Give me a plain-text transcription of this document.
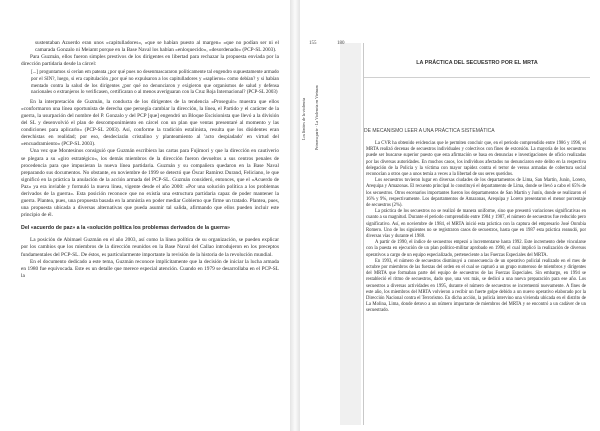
sustentaban Azuerdo eran unos «capitulladores», «que se habían puesto al margen» «que no podían ser ni el camarada Gonzalo ni Meiamt porque en la Base Naval los habían «enloquecido», «desordenado» (PCP-SL 2003).

Para Guzmán, ellos fueron simples prestivos de los dirigentes en libertad para rechazar la propuesta enviada por la dirección partidaria desde la cárcel:

[...] proguntamos si cerían em pateata ¿por qué pues no desenmascararon políticamente tal engendro supuestamente armado por el SIN?, luego, si era capitulación ¿por qué no expulsaron a los capitulladores y «saplieros» como debían? y si habían mentado contra la salud de los dirigentes ¿por qué no denunciaron y exigieron que organismos de salud y defensa nacionales o extranjeros lo verificasen, certificaran o al menos averiguaran con la Cruz Roja Internacional? (PCP-SL 2003)

En la interpretación de Guzmán, la conducta de los dirigentes de la tendencia «Proseguir» muestra que ellos «conformaron una línea oportunista de derecha que persegía cambiar la dirección, la línea, el Partido y el carácter de la guerra, la usurpación del nombre del P. Gonzalo y del PCP [que] engendró un Bloque Escisionista que llevó a la división del SL y desenvolvió el plan de descomponimiento en cárcel con un plan que ventas presentaré al momento y las condiciones para aplicarlo» (PCP-SL 2003). Así, conforme la tradición estalinista, resulta que los disidentes eran derechistas en realidad; por eso, desdeciarán cristalino y planteamiento al 'acto despiadado' en virtud del «encuadramiento» (PCP-SL 2003).

Una vez que Montesinos consiguió que Guzmán escribiera las cartas para Fujimori y que la dirección en cautiverio se plegara a su «giro estratégico», los demás miembros de la dirección fueron devueltos a sus centros penales de procedencia para que impusieran la nueva línea partidaria. Guzmán y su compañera quedaron en la Base Naval preparando sus documentos. No obstante, en noviembre de 1999 se detectó que Óscar Ramírez Durand, Feliciano, le que significó en la práctica la anulación de la acción armada del PCP-SL. Guzmán consideró, entonces, que el «Acuerdo de Paz» ya era inviable y formuló la nueva línea, vigente desde el año 2000: «Por una solución política a los problemas derivados de la guerra». Esta posición reconoce que no existía una estructura partidaria capaz de poder mantener la guerra. Plantea, pues, una propuesta basada en la amnistía en poder mediar Gobierno que firme un tratado. Plantea, pues, una propuesta ubicada a diversas alternativas que pueda asumir tal salida, afirmando que ellos pueden incluir este principio de él.

Del «acuerdo de paz» a la «solución política los problemas derivados de la guerra»

La posición de Abimael Guzmán en el año 2003, así como la línea política de su organización, se pueden explicar por los cambios que los miembros de la dirección reunidos en la Base Naval del Callao introdujeron en los preceptos fundamentales del PCP-SL. De éstos, es particularmente importante la revisión de la historia de la revolución mundial.

En el documento dedicado a este tema, Guzmán reconoce implícitamente que la decisión de iniciar la lucha armada en 1980 fue equivocada. Este es un detalle que merece especial atención. Cuando en 1979 se desarrollaba en el PCP-SL la

155	180
Los límites de la violencia Primera parte · La Violencia en Vietnam
LA PRÁCTICA DEL SECUESTRO POR EL MRTA
DE MECANISMO LEER A UNA PRÁCTICA SISTEMÁTICA

La CVR ha obtenido evidencias que le permiten concluir que, en el periodo comprendido entre 1986 y 1996, el MRTA realizó decenas de secuestros individuales y colectivos con fines de extorsión. La mayoría de los secuestros puede ser buscarse superior puesto que esta afirmación se basa en denuncias e investigaciones de oficio realizadas por las diversas autoridades. En muchos casos, los individuos afectados no denunciaron este delito en la respectiva delegación de la Policía y la víctima con mayor rapidez contra el terror de versus armadas de cobertura social reconocían a otros que a unos temía a veces a la libertad de sus seres queridos.

Los secuestros tuvieron lugar en diversas ciudades de los departamentos de Lima, San Martín, Junín, Loreto, Arequipa y Amazonas. El recuento principal lo constituyó el departamento de Lima, donde se llevó a cabo el 65% de los secuestros. Otros escenarios importantes fueron los departamentos de San Martín y Junín, donde se realizaron el 16% y 9%, respectivamente. Los departamentos de Amazonas, Arequipa y Loreto presentaron el menor porcentaje de secuestros (2%).

La práctica de los secuestros no se realizó de manera uniforme, sino que presentó variaciones significativas en cuanto a su magnitud. Durante el periodo comprendido entre 1984 y 1987, el número de secuestros fue reducido pero significativo. Así, en noviembre de 1984, el MRTA inició esta práctica con la captura del empresario José Onrubia Romero. Uno de los siguientes no se registraron casos de secuestros, hasta que en 1987 esta práctica reanudó, por diversas vías y durante el 1988.

A partir de 1990, el índice de secuestros empezó a incrementarse hasta 1992. Este incremento debe vincularse con la puesta en ejecución de un plan político-militar aprobado en 1990, el cual implicó la realización de diversos operativos a cargo de un equipo especializado, perteneciente a las Fuerzas Especiales del MRTA.

En 1993, el número de secuestros disminuyó a consecuencia de un operativo policial realizado en el mes de octubre por miembros de las fuerzas del orden en el cual se capturó a un grupo numeroso de miembros y dirigentes del MRTA que formaban parte del equipo de secuestros de las Fuerzas Especiales. Sin embargo, en 1994 se restableció el ritmo de secuestros, dado que, una vez más, se dedicó a una nueva preparación para ese año. Los secuestros a diversas actividades en 1995, durante el número de secuestros se incrementó nuevamente. A fines de este año, los miembros del MRTA volvieron a recibir un fuerte golpe debido a un nuevo operativo elaborado por la Dirección Nacional contra el Terrorismo. En dicha acción, la policía intervino una vivienda ubicada en el distrito de La Molina, Lima, donde detuvo a un número importante de miembros del MRTA y se encontró a un cadáver de un secuestrado.
